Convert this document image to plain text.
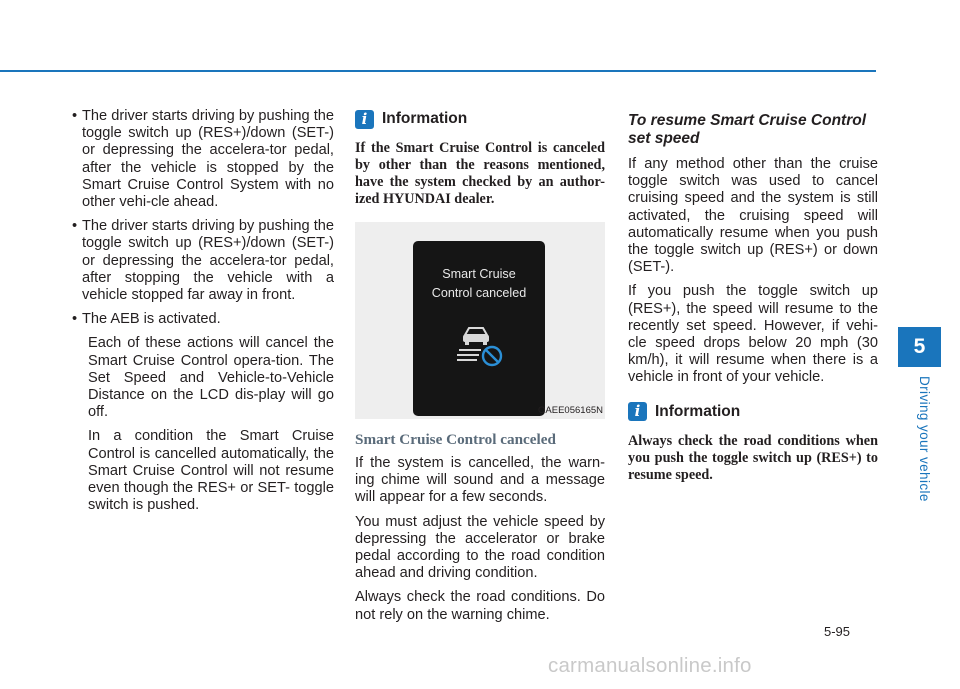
• The driver starts driving by pushing the toggle switch up (RES+)/down (SET-) or depressing the accelera-tor pedal, after the vehicle is stopped by the Smart Cruise Control System with no other vehi-cle ahead.
• The driver starts driving by pushing the toggle switch up (RES+)/down (SET-) or depressing the accelera-tor pedal, after stopping the vehicle with a vehicle stopped far away in front.
• The AEB is activated.

Each of these actions will cancel the Smart Cruise Control opera-tion. The Set Speed and Vehicle-to-Vehicle Distance on the LCD dis-play will go off.

In a condition the Smart Cruise Control is cancelled automatically, the Smart Cruise Control will not resume even though the RES+ or SET- toggle switch is pushed.

i Information

If the Smart Cruise Control is canceled by other than the reasons mentioned, have the system checked by an author-ized HYUNDAI dealer.

Smart Cruise
Control canceled
OAEE056165N
Smart Cruise Control canceled

If the system is cancelled, the warn-ing chime will sound and a message will appear for a few seconds.

You must adjust the vehicle speed by depressing the accelerator or brake pedal according to the road condition ahead and driving condition.

Always check the road conditions. Do not rely on the warning chime.

To resume Smart Cruise Control set speed

If any method other than the cruise toggle switch was used to cancel cruising speed and the system is still activated, the cruising speed will automatically resume when you push the toggle switch up (RES+) or down (SET-).

If you push the toggle switch up (RES+), the speed will resume to the recently set speed. However, if vehi-cle speed drops below 20 mph (30 km/h), it will resume when there is a vehicle in front of your vehicle.

i Information

Always check the road conditions when you push the toggle switch up (RES+) to resume speed.

5
Driving your vehicle
5-95
carmanualsonline.info
